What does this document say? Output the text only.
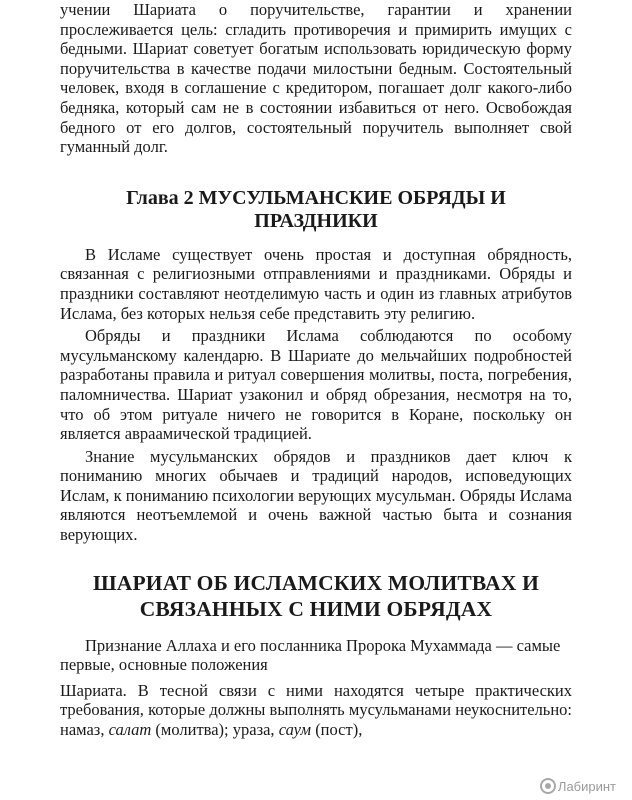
учении Шариата о поручительстве, гарантии и хранении прослеживается цель: сгладить противоречия и примирить имущих с бедными. Шариат советует богатым использовать юридическую форму поручительства в качестве подачи милостыни бедным. Состоятельный человек, входя в соглашение с кредитором, погашает долг какого-либо бедняка, который сам не в состоянии избавиться от него. Освобождая бедного от его долгов, состоятельный поручитель выполняет свой гуманный долг.

Глава 2 МУСУЛЬМАНСКИЕ ОБРЯДЫ И
ПРАЗДНИКИ

В Исламе существует очень простая и доступная обрядность, связанная с религиозными отправлениями и праздниками. Обряды и праздники составляют неотделимую часть и один из главных атрибутов Ислама, без которых нельзя себе представить эту религию.

Обряды и праздники Ислама соблюдаются по особому мусульманскому календарю. В Шариате до мельчайших подробностей разработаны правила и ритуал совершения молитвы, поста, погребения, паломничества. Шариат узаконил и обряд обрезания, несмотря на то, что об этом ритуале ничего не говорится в Коране, поскольку он является авраамической традицией.

Знание мусульманских обрядов и праздников дает ключ к пониманию многих обычаев и традиций народов, исповедующих Ислам, к пониманию психологии верующих мусульман. Обряды Ислама являются неотъемлемой и очень важной частью быта и сознания верующих.

ШАРИАТ ОБ ИСЛАМСКИХ МОЛИТВАХ И
СВЯЗАННЫХ С НИМИ ОБРЯДАХ

Признание Аллаха и его посланника Пророка Мухаммада — самые первые, основные положения

Шариата. В тесной связи с ними находятся четыре практических требования, которые должны выполнять мусульманами неукоснительно: намаз, салат (молитва); ураза, саум (пост),

Лабиринт
